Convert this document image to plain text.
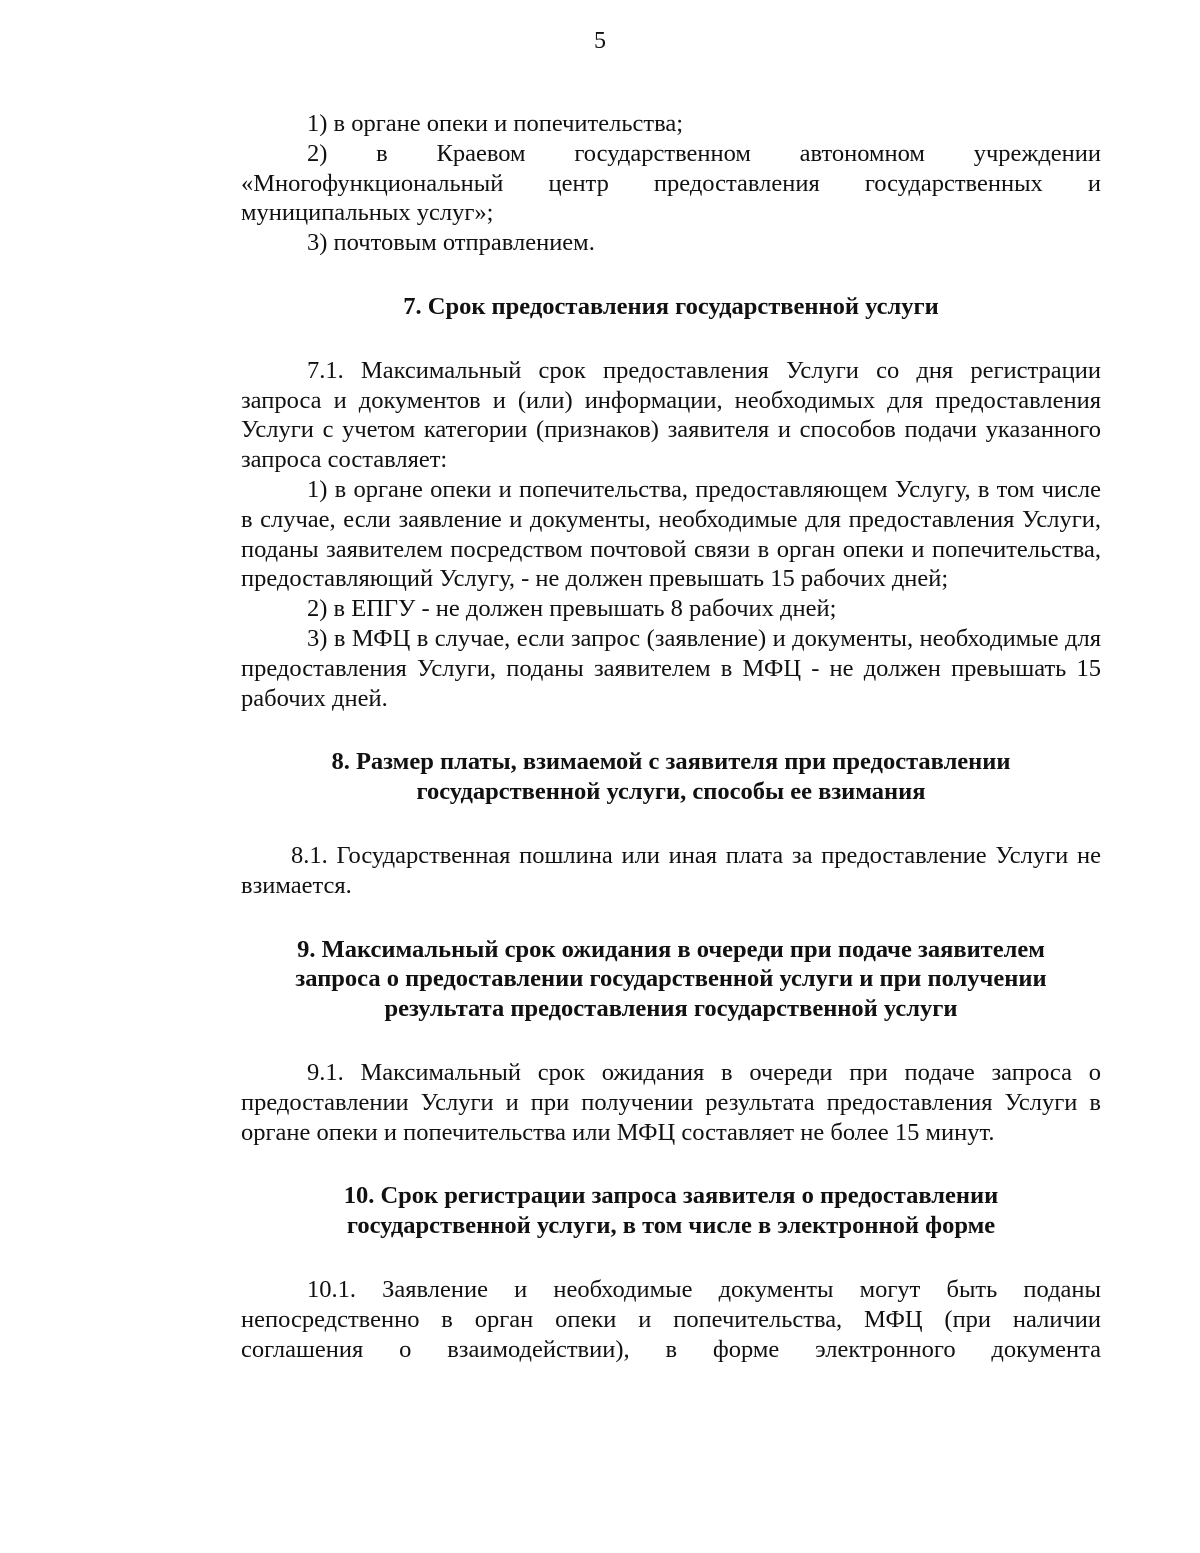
5

1) в органе опеки и попечительства;

2) в Краевом государственном автономном учреждении «Многофункциональный центр предоставления государственных и муниципальных услуг»;

3) почтовым отправлением.

7. Срок предоставления государственной услуги

7.1. Максимальный срок предоставления Услуги со дня регистрации запроса и документов и (или) информации, необходимых для предоставления Услуги с учетом категории (признаков) заявителя и способов подачи указанного запроса составляет:

1) в органе опеки и попечительства, предоставляющем Услугу, в том числе в случае, если заявление и документы, необходимые для предоставления Услуги, поданы заявителем посредством почтовой связи в орган опеки и попечительства, предоставляющий Услугу, - не должен превышать 15 рабочих дней;

2) в ЕПГУ - не должен превышать 8 рабочих дней;

3) в МФЦ в случае, если запрос (заявление) и документы, необходимые для предоставления Услуги, поданы заявителем в МФЦ - не должен превышать 15 рабочих дней.

8. Размер платы, взимаемой с заявителя при предоставлении

государственной услуги, способы ее взимания

8.1. Государственная пошлина или иная плата за предоставление Услуги не взимается.

9. Максимальный срок ожидания в очереди при подаче заявителем

запроса о предоставлении государственной услуги и при получении

результата предоставления государственной услуги

9.1. Максимальный срок ожидания в очереди при подаче запроса о предоставлении Услуги и при получении результата предоставления Услуги в органе опеки и попечительства или МФЦ составляет не более 15 минут.

10. Срок регистрации запроса заявителя о предоставлении

государственной услуги, в том числе в электронной форме

10.1. Заявление и необходимые документы могут быть поданы непосредственно в орган опеки и попечительства, МФЦ (при наличии соглашения о взаимодействии), в форме электронного документа
